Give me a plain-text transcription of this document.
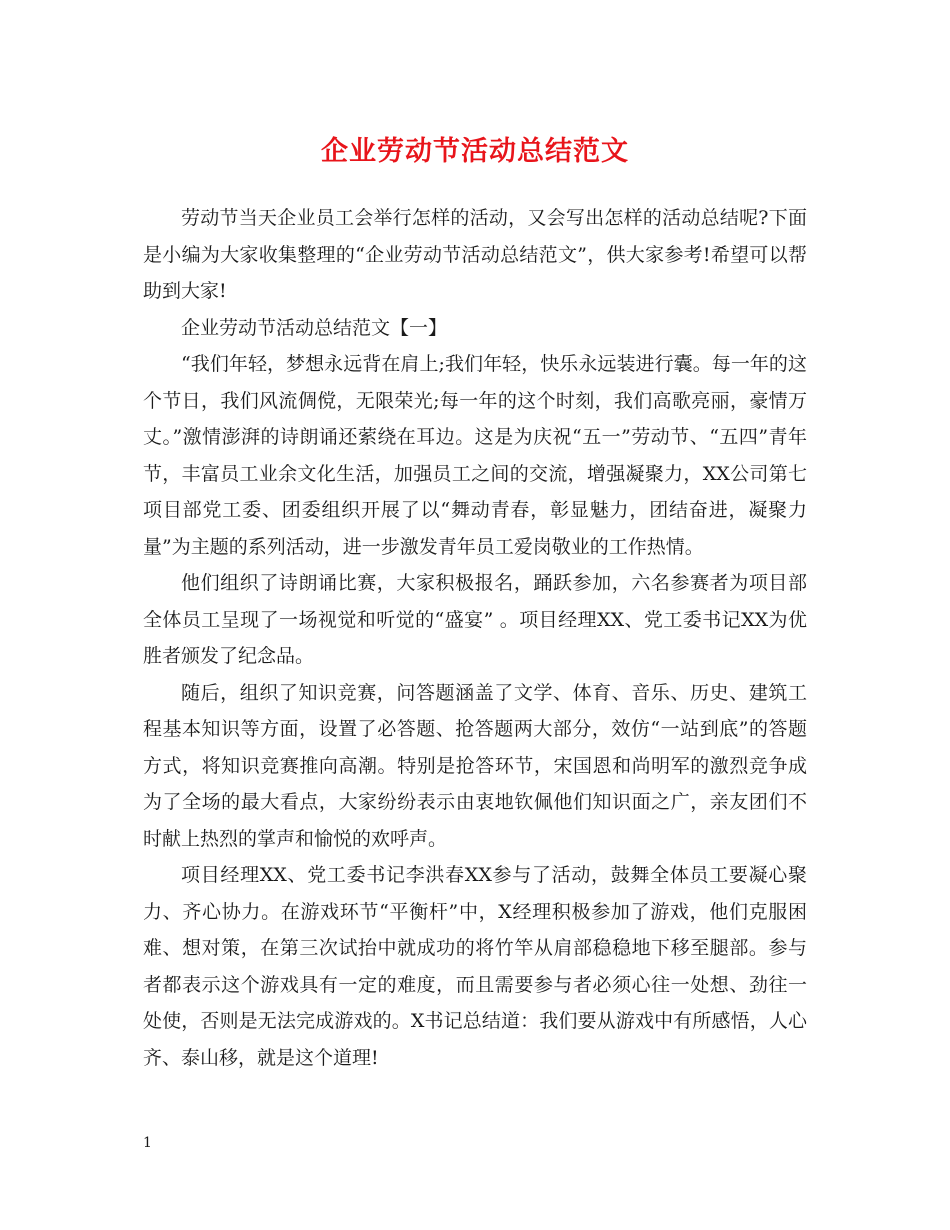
企业劳动节活动总结范文

劳动节当天企业员工会举行怎样的活动，又会写出怎样的活动总结呢?下面是小编为大家收集整理的“企业劳动节活动总结范文”，供大家参考!希望可以帮助到大家!

企业劳动节活动总结范文【一】

“我们年轻，梦想永远背在肩上;我们年轻，快乐永远装进行囊。每一年的这个节日，我们风流倜傥，无限荣光;每一年的这个时刻，我们高歌亮丽，豪情万丈。”激情澎湃的诗朗诵还萦绕在耳边。这是为庆祝“五一”劳动节、“五四”青年节，丰富员工业余文化生活，加强员工之间的交流，增强凝聚力，XX公司第七项目部党工委、团委组织开展了以“舞动青春，彰显魅力，团结奋进，凝聚力量”为主题的系列活动，进一步激发青年员工爱岗敬业的工作热情。

他们组织了诗朗诵比赛，大家积极报名，踊跃参加，六名参赛者为项目部全体员工呈现了一场视觉和听觉的“盛宴” 。项目经理XX、党工委书记XX为优胜者颁发了纪念品。

随后，组织了知识竞赛，问答题涵盖了文学、体育、音乐、历史、建筑工程基本知识等方面，设置了必答题、抢答题两大部分，效仿“一站到底”的答题方式，将知识竞赛推向高潮。特别是抢答环节，宋国恩和尚明军的激烈竞争成为了全场的最大看点，大家纷纷表示由衷地钦佩他们知识面之广，亲友团们不时献上热烈的掌声和愉悦的欢呼声。

项目经理XX、党工委书记李洪春XX参与了活动，鼓舞全体员工要凝心聚力、齐心协力。在游戏环节“平衡杆”中，X经理积极参加了游戏，他们克服困难、想对策，在第三次试抬中就成功的将竹竿从肩部稳稳地下移至腿部。参与者都表示这个游戏具有一定的难度，而且需要参与者必须心往一处想、劲往一处使，否则是无法完成游戏的。X书记总结道：我们要从游戏中有所感悟，人心齐、泰山移，就是这个道理!

1
